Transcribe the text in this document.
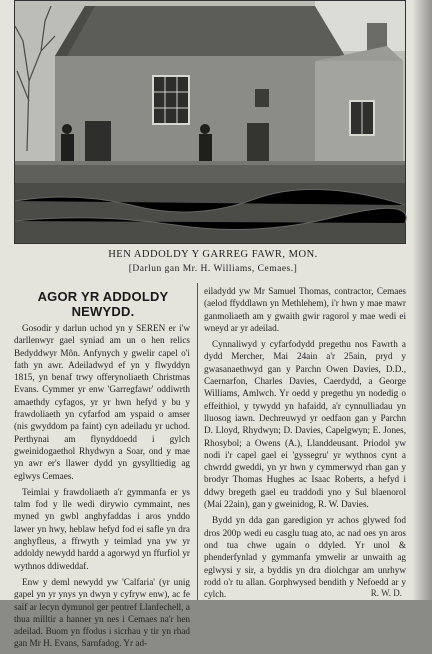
HEN ADDOLDY Y GARREG FAWR, MON.
[Darlun gan Mr. H. Williams, Cemaes.]
AGOR YR ADDOLDY NEWYDD.

Gosodir y darlun uchod yn y SEREN er i'w darllenwyr gael syniad am un o hen relics Bedyddwyr Môn. Anfynych y gwelir capel o'i fath yn awr. Adeiladwyd ef yn y flwyddyn 1815, yn benaf trwy offerynoliaeth Christmas Evans. Cymmer yr enw 'Garregfawr' oddiwrth amaethdy cyfagos, yr yr hwn hefyd y bu y frawdoliaeth yn cyfarfod am yspaid o amser (nis gwyddom pa faint) cyn adeiladu yr uchod. Perthynai am flynyddoedd i gylch gweinidogaethol Rhydwyn a Soar, ond y mae yn awr er's llawer dydd yn gysylltiedig ag eglwys Cemaes.

Teimlai y frawdoliaeth a'r gymmanfa er ys talm fod y lle wedi dirywio cymmaint, nes myned yn gwbl anghyfaddas i aros ynddo lawer yn hwy, heblaw hefyd fod ei safle yn dra anghyfleus, a ffrwyth y teimlad yna yw yr addoldy newydd hardd a agorwyd yn ffurfiol yr wythnos ddiweddaf.

Enw y deml newydd yw 'Calfaria' (yr unig gapel yn yr ynys yn dwyn y cyfryw enw), ac fe saif ar lecyn dymunol ger pentref Llanfechell, a thua milltir a hanner yn nes i Cemaes na'r hen adeilad. Buom yn ffodus i sicrhau y tir yn rhad gan Mr H. Evans, Sarnfadog. Yr ad-

eiladydd yw Mr Samuel Thomas, contractor, Cemaes (aelod ffyddlawn yn Methlehem), i'r hwn y mae mawr ganmoliaeth am y gwaith gwir ragorol y mae wedi ei wneyd ar yr adeilad.

Cynnaliwyd y cyfarfodydd pregethu nos Fawrth a dydd Mercher, Mai 24ain a'r 25ain, pryd y gwasanaethwyd gan y Parchn Owen Davies, D.D., Caernarfon, Charles Davies, Caerdydd, a George Williams, Amlwch. Yr oedd y pregethu yn nodedig o effeithiol, y tywydd yn hafaidd, a'r cynnulliadau yn lluosog iawn. Dechreuwyd yr oedfaon gan y Parchn D. Lloyd, Rhydwyn; D. Davies, Capelgwyn; E. Jones, Rhosybol; a Owens (A.), Llanddeusant. Priodol yw nodi i'r capel gael ei 'gyssegru' yr wythnos cynt a chwrdd gweddi, yn yr hwn y cymmerwyd rhan gan y brodyr Thomas Hughes ac Isaac Roberts, a hefyd i ddwy bregeth gael eu traddodi yno y Sul blaenorol (Mai 22ain), gan y gweinidog, R. W. Davies.

Bydd yn dda gan garedigion yr achos glywed fod dros 200p wedi eu casglu tuag ato, ac nad oes yn aros ond tua chwe ugain o ddyled. Yr unol & phenderfynlad y gymmanfa ymwelir ar unwaith ag eglwysi y sir, a byddis yn dra diolchgar am unrhyw rodd o'r tu allan. Gorphwysed bendith y Nefoedd ar y cylch.	R. W. D.
